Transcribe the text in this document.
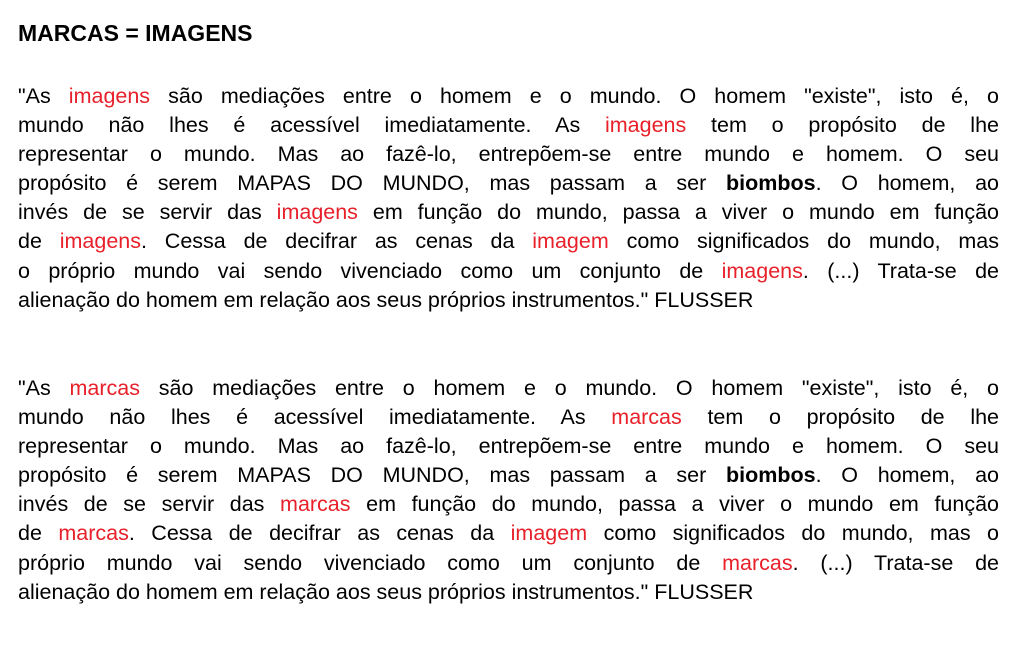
MARCAS = IMAGENS

"As imagens são mediações entre o homem e o mundo. O homem "existe", isto é, o
mundo não lhes é acessível imediatamente. As imagens tem o propósito de lhe
representar o mundo. Mas ao fazê-lo, entrepõem-se entre mundo e homem. O seu
propósito é serem MAPAS DO MUNDO, mas passam a ser biombos. O homem, ao
invés de se servir das imagens em função do mundo, passa a viver o mundo em função
de imagens. Cessa de decifrar as cenas da imagem como significados do mundo, mas
o próprio mundo vai sendo vivenciado como um conjunto de imagens. (...) Trata-se de
alienação do homem em relação aos seus próprios instrumentos." FLUSSER

"As marcas são mediações entre o homem e o mundo. O homem "existe", isto é, o
mundo não lhes é acessível imediatamente. As marcas tem o propósito de lhe
representar o mundo. Mas ao fazê-lo, entrepõem-se entre mundo e homem. O seu
propósito é serem MAPAS DO MUNDO, mas passam a ser biombos. O homem, ao
invés de se servir das marcas em função do mundo, passa a viver o mundo em função
de marcas. Cessa de decifrar as cenas da imagem como significados do mundo, mas o
próprio mundo vai sendo vivenciado como um conjunto de marcas. (...) Trata-se de
alienação do homem em relação aos seus próprios instrumentos." FLUSSER
